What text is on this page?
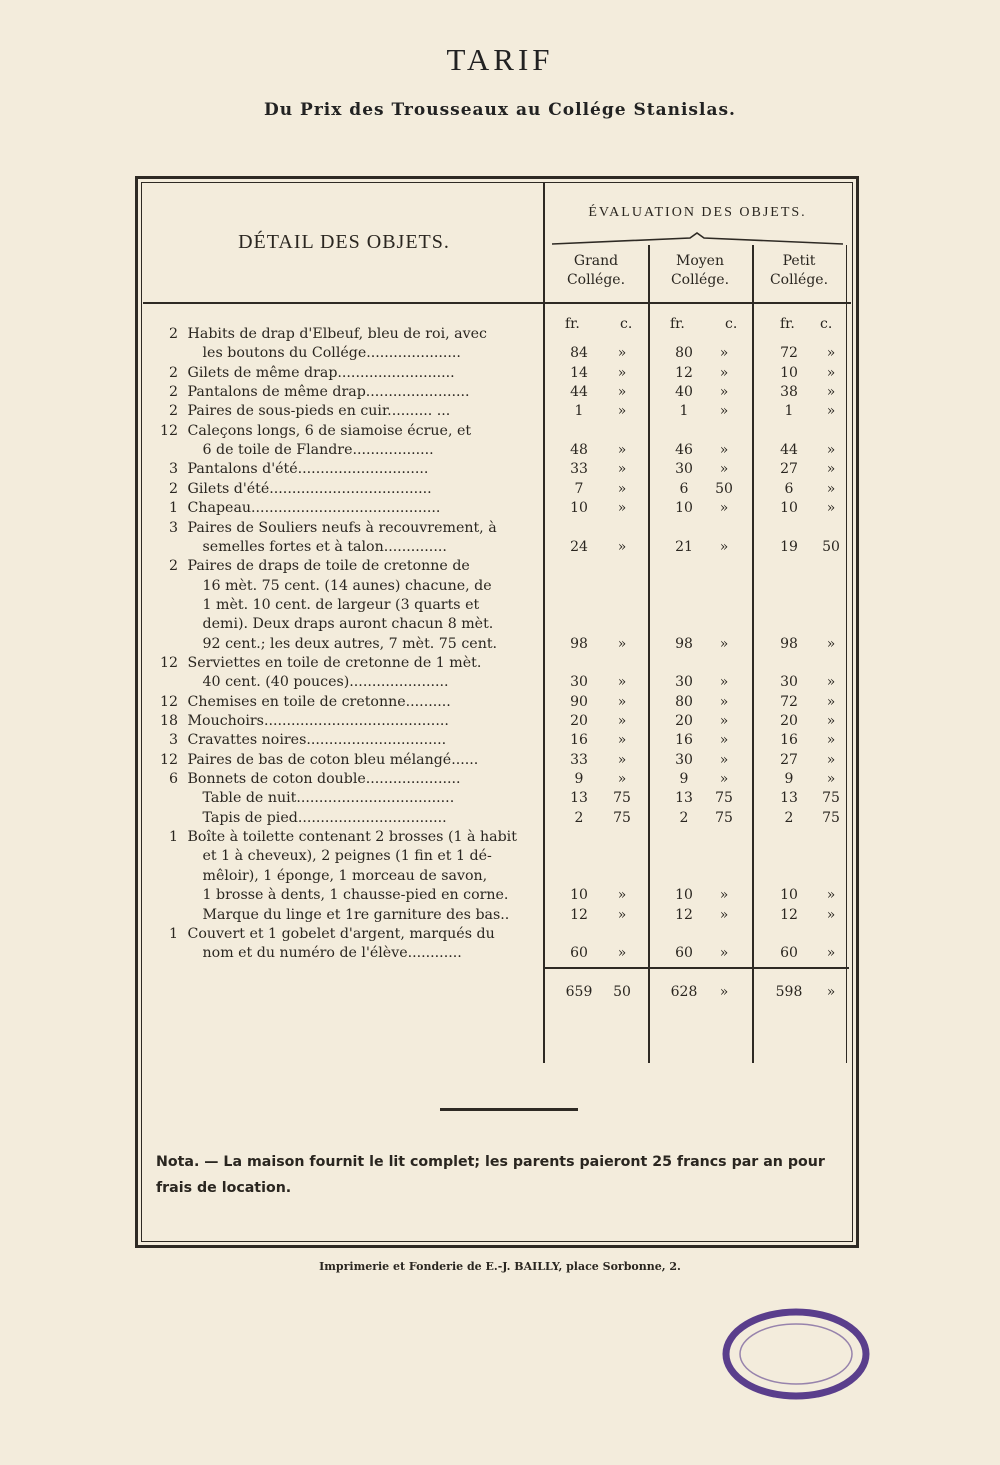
TARIF
Du Prix des Trousseaux au Collége Stanislas.
DÉTAIL DES OBJETS.
ÉVALUATION DES OBJETS.
Grand
Collége.
Moyen
Collége.
Petit
Collége.
fr.	c.	fr.	c.	fr. c.
2 Habits de drap d'Elbeuf, bleu de roi, avec
les boutons du Collége.....................	84	»	80	»	72	»
2 Gilets de même drap..........................	14	»	12	»	10	»
2 Pantalons de même drap.......................	44	»	40	»	38	»
2 Paires de sous-pieds en cuir.......... ...	1	»	1	»	1	»
12 Caleçons longs, 6 de siamoise écrue, et
6 de toile de Flandre..................	48	»	46	»	44	»
3 Pantalons d'été.............................	33	»	30	»	27	»
2 Gilets d'été....................................	7	»	6	50	6	»
1 Chapeau..........................................	10	»	10	»	10	»
3 Paires de Souliers neufs à recouvrement, à
semelles fortes et à talon..............	24	»	21	»	19	50
2 Paires de draps de toile de cretonne de
16 mèt. 75 cent. (14 aunes) chacune, de
1 mèt. 10 cent. de largeur (3 quarts et
demi). Deux draps auront chacun 8 mèt.
92 cent.; les deux autres, 7 mèt. 75 cent.	98	»	98	»	98	»
12 Serviettes en toile de cretonne de 1 mèt.
40 cent. (40 pouces)......................	30	»	30	»	30	»
12 Chemises en toile de cretonne..........	90	»	80	»	72	»
18 Mouchoirs.........................................	20	»	20	»	20	»
3 Cravattes noires...............................	16	»	16	»	16	»
12 Paires de bas de coton bleu mélangé......	33	»	30	»	27	»
6 Bonnets de coton double.....................	9	»	9	»	9	»
Table de nuit...................................	13	75	13	75	13	75
Tapis de pied.................................	2	75	2	75	2	75
1 Boîte à toilette contenant 2 brosses (1 à habit
et 1 à cheveux), 2 peignes (1 fin et 1 dé-
mêloir), 1 éponge, 1 morceau de savon,
1 brosse à dents, 1 chausse-pied en corne.	10	»	10	»	10	»
Marque du linge et 1re garniture des bas..	12	»	12	»	12	»
1 Couvert et 1 gobelet d'argent, marqués du
nom et du numéro de l'élève............	60	»	60	»	60	»
659	50	628	»	598	»
Nota. — La maison fournit le lit complet; les parents paieront 25 francs par an pour frais de location.
Imprimerie et Fonderie de E.-J. BAILLY, place Sorbonne, 2.
